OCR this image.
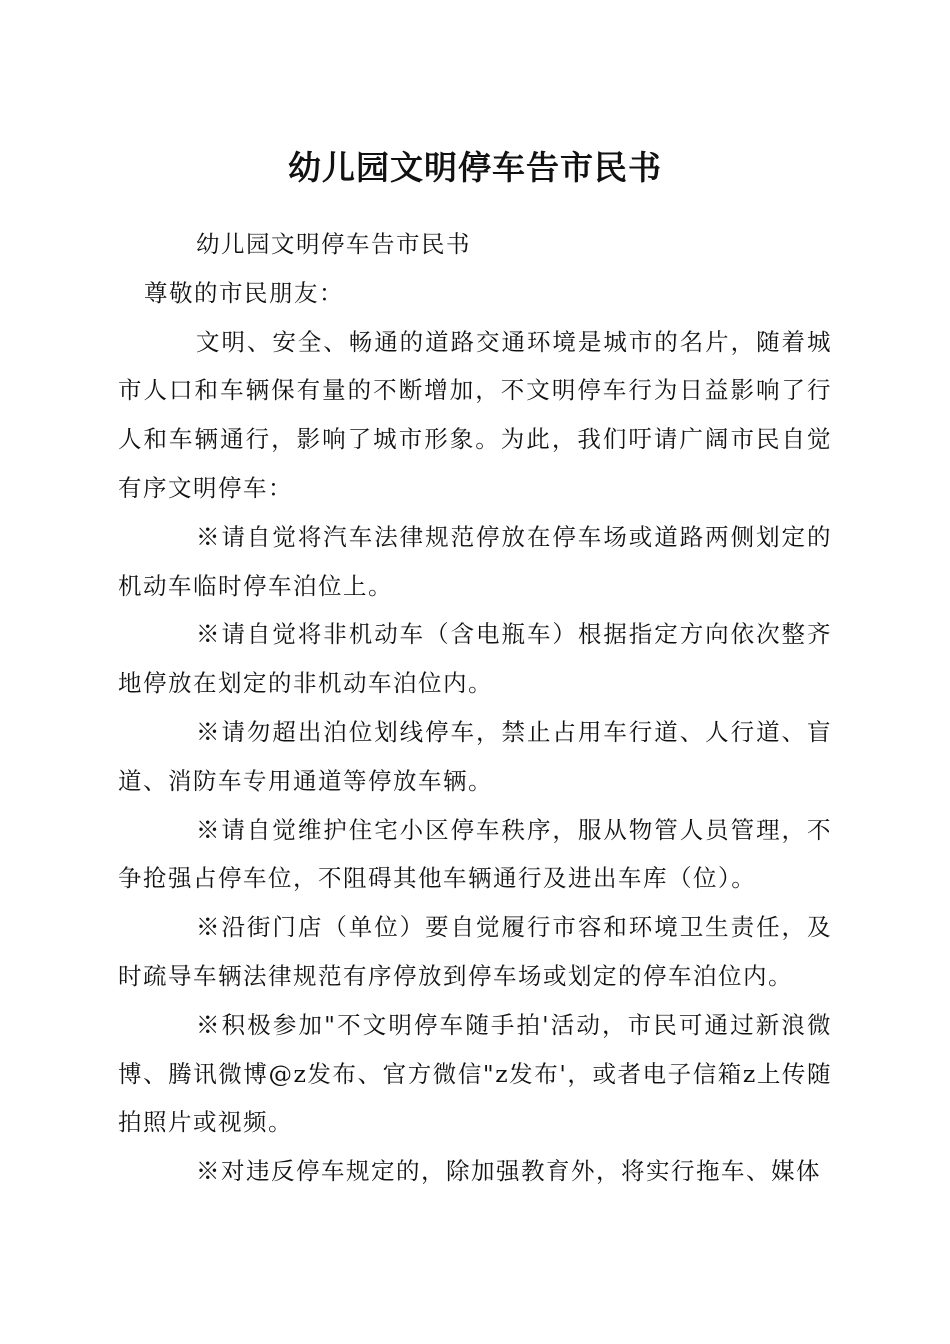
幼儿园文明停车告市民书

幼儿园文明停车告市民书

尊敬的市民朋友：

文明、安全、畅通的道路交通环境是城市的名片，随着城市人口和车辆保有量的不断增加，不文明停车行为日益影响了行人和车辆通行，影响了城市形象。为此，我们吁请广阔市民自觉有序文明停车：

※请自觉将汽车法律规范停放在停车场或道路两侧划定的机动车临时停车泊位上。

※请自觉将非机动车（含电瓶车）根据指定方向依次整齐地停放在划定的非机动车泊位内。

※请勿超出泊位划线停车，禁止占用车行道、人行道、盲道、消防车专用通道等停放车辆。

※请自觉维护住宅小区停车秩序，服从物管人员管理，不争抢强占停车位，不阻碍其他车辆通行及进出车库（位）。

※沿街门店（单位）要自觉履行市容和环境卫生责任，及时疏导车辆法律规范有序停放到停车场或划定的停车泊位内。

※积极参加"不文明停车随手拍'活动，市民可通过新浪微博、腾讯微博@z发布、官方微信"z发布'，或者电子信箱z上传随拍照片或视频。

※对违反停车规定的，除加强教育外，将实行拖车、媒体
